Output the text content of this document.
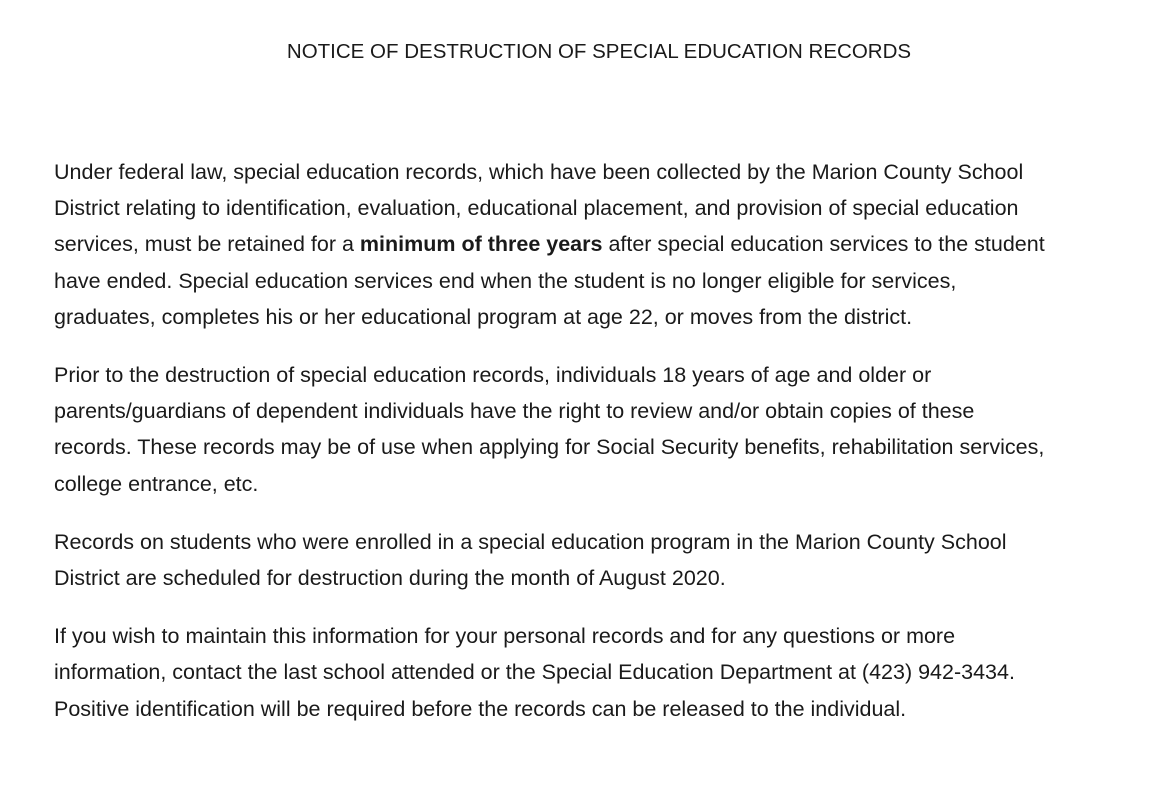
NOTICE OF DESTRUCTION OF SPECIAL EDUCATION RECORDS

Under federal law, special education records, which have been collected by the Marion County School
District relating to identification, evaluation, educational placement, and provision of special education
services, must be retained for a minimum of three years after special education services to the student
have ended. Special education services end when the student is no longer eligible for services,
graduates, completes his or her educational program at age 22, or moves from the district.

Prior to the destruction of special education records, individuals 18 years of age and older or
parents/guardians of dependent individuals have the right to review and/or obtain copies of these
records. These records may be of use when applying for Social Security benefits, rehabilitation services,
college entrance, etc.

Records on students who were enrolled in a special education program in the Marion County School
District are scheduled for destruction during the month of August 2020.

If you wish to maintain this information for your personal records and for any questions or more
information, contact the last school attended or the Special Education Department at (423) 942-3434.
Positive identification will be required before the records can be released to the individual.
